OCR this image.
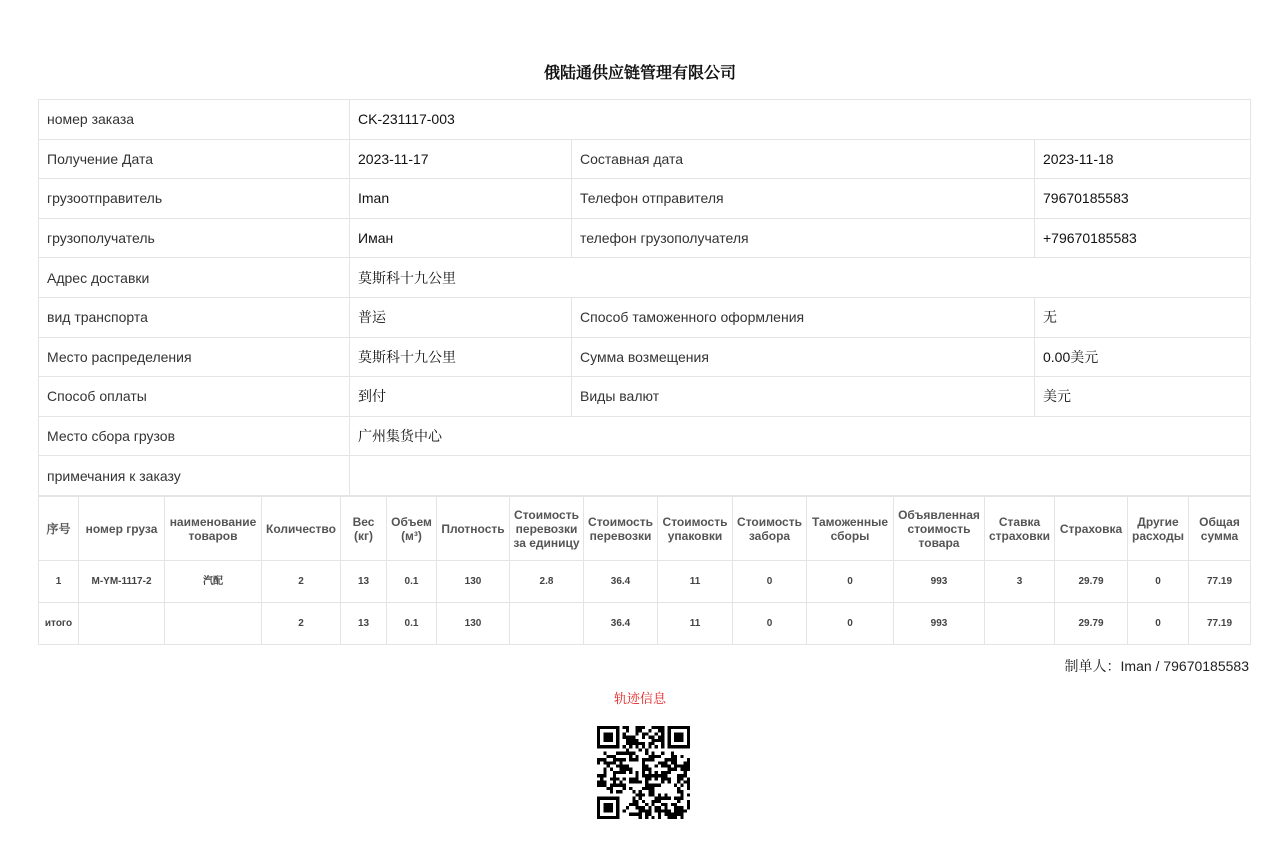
俄陆通供应链管理有限公司
номер заказа	CK-231117-003		
Получение Дата	2023-11-17	Составная дата	2023-11-18
грузоотправитель	Iman	Телефон отправителя	79670185583
грузополучатель	Иман	телефон грузополучателя	+79670185583
Адрес доставки	莫斯科十九公里		
вид транспорта	普运	Способ таможенного оформления	无
Место распределения	莫斯科十九公里	Сумма возмещения	0.00美元
Способ оплаты	到付	Виды валют	美元
Место сбора грузов	广州集货中心		
примечания к заказу			
序号	номер груза	наименование товаров	Количество	Вес (кг)	Объем (м³)	Плотность	Стоимость перевозки за единицу	Стоимость перевозки	Стоимость упаковки	Стоимость забора	Таможенные сборы	Объявленная стоимость товара	Ставка страховки	Страховка	Другие расходы	Общая сумма
1	M-YM-1117-2	汽配	2	13	0.1	130	2.8	36.4	11	0	0	993	3	29.79	0	77.19
итого			2	13	0.1	130		36.4	11	0	0	993		29.79	0	77.19
制单人：Iman / 79670185583
轨迹信息
